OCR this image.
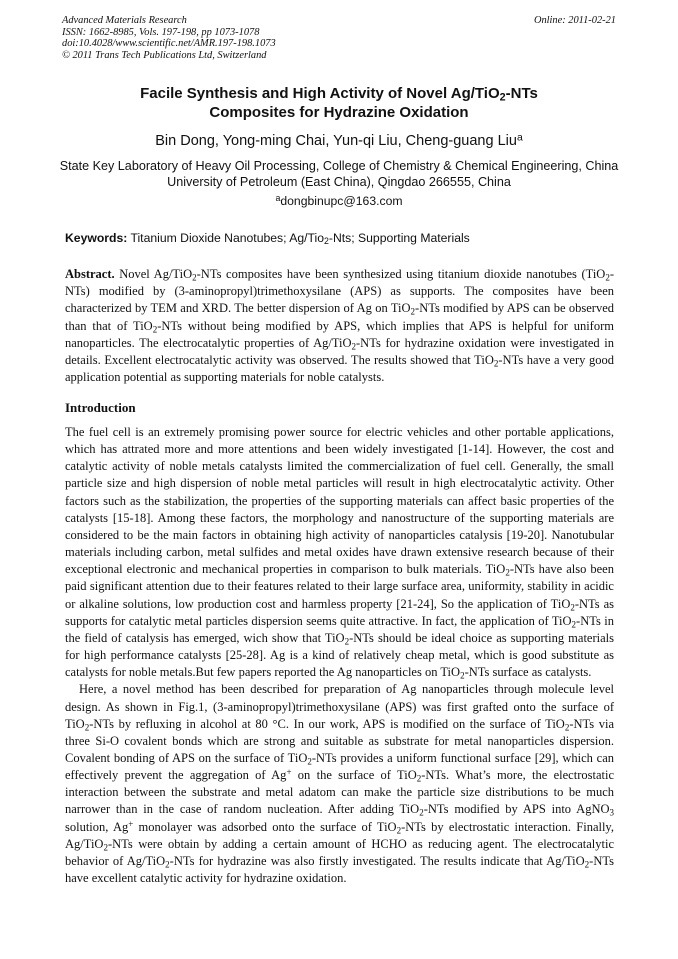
Advanced Materials Research
ISSN: 1662-8985, Vols. 197-198, pp 1073-1078
doi:10.4028/www.scientific.net/AMR.197-198.1073
© 2011 Trans Tech Publications Ltd, Switzerland
Online: 2011-02-21
Facile Synthesis and High Activity of Novel Ag/TiO$_2$-NTs
Composites for Hydrazine Oxidation
Bin Dong, Yong-ming Chai, Yun-qi Liu, Cheng-guang Liu$^a$
State Key Laboratory of Heavy Oil Processing, College of Chemistry & Chemical Engineering, China
University of Petroleum (East China), Qingdao 266555, China
$^a$dongbinupc@163.com
Keywords: Titanium Dioxide Nanotubes; Ag/Tio$_2$-Nts; Supporting Materials
Abstract. Novel Ag/TiO$_2$-NTs composites have been synthesized using titanium dioxide nanotubes (TiO$_2$-NTs) modified by (3-aminopropyl)trimethoxysilane (APS) as supports. The composites have been characterized by TEM and XRD. The better dispersion of Ag on TiO$_2$-NTs modified by APS can be observed than that of TiO$_2$-NTs without being modified by APS, which implies that APS is helpful for uniform nanoparticles. The electrocatalytic properties of Ag/TiO$_2$-NTs for hydrazine oxidation were investigated in details. Excellent electrocatalytic activity was observed. The results showed that TiO$_2$-NTs have a very good application potential as supporting materials for noble catalysts.
Introduction

The fuel cell is an extremely promising power source for electric vehicles and other portable applications, which has attrated more and more attentions and been widely investigated [1-14]. However, the cost and catalytic activity of noble metals catalysts limited the commercialization of fuel cell. Generally, the small particle size and high dispersion of noble metal particles will result in high electrocatalytic activity. Other factors such as the stabilization, the properties of the supporting materials can affect basic properties of the catalysts [15-18]. Among these factors, the morphology and nanostructure of the supporting materials are considered to be the main factors in obtaining high activity of nanoparticles catalysis [19-20]. Nanotubular materials including carbon, metal sulfides and metal oxides have drawn extensive research because of their exceptional electronic and mechanical properties in comparison to bulk materials. TiO$_2$-NTs have also been paid significant attention due to their features related to their large surface area, uniformity, stability in acidic or alkaline solutions, low production cost and harmless property [21-24], So the application of TiO$_2$-NTs as supports for catalytic metal particles dispersion seems quite attractive. In fact, the application of TiO$_2$-NTs in the field of catalysis has emerged, wich show that TiO$_2$-NTs should be ideal choice as supporting materials for high performance catalysts [25-28]. Ag is a kind of relatively cheap metal, which is good substitute as catalysts for noble metals.But few papers reported the Ag nanoparticles on TiO$_2$-NTs surface as catalysts.

Here, a novel method has been described for preparation of Ag nanoparticles through molecule level design. As shown in Fig.1, (3-aminopropyl)trimethoxysilane (APS) was first grafted onto the surface of TiO$_2$-NTs by refluxing in alcohol at 80 °C. In our work, APS is modified on the surface of TiO$_2$-NTs via three Si-O covalent bonds which are strong and suitable as substrate for metal nanoparticles dispersion. Covalent bonding of APS on the surface of TiO$_2$-NTs provides a uniform functional surface [29], which can effectively prevent the aggregation of Ag+ on the surface of TiO$_2$-NTs. What’s more, the electrostatic interaction between the substrate and metal adatom can make the particle size distributions to be much narrower than in the case of random nucleation. After adding TiO$_2$-NTs modified by APS into AgNO$_3$ solution, Ag+ monolayer was adsorbed onto the surface of TiO$_2$-NTs by electrostatic interaction. Finally, Ag/TiO$_2$-NTs were obtain by adding a certain amount of HCHO as reducing agent. The electrocatalytic behavior of Ag/TiO$_2$-NTs for hydrazine was also firstly investigated. The results indicate that Ag/TiO$_2$-NTs have excellent catalytic activity for hydrazine oxidation.
